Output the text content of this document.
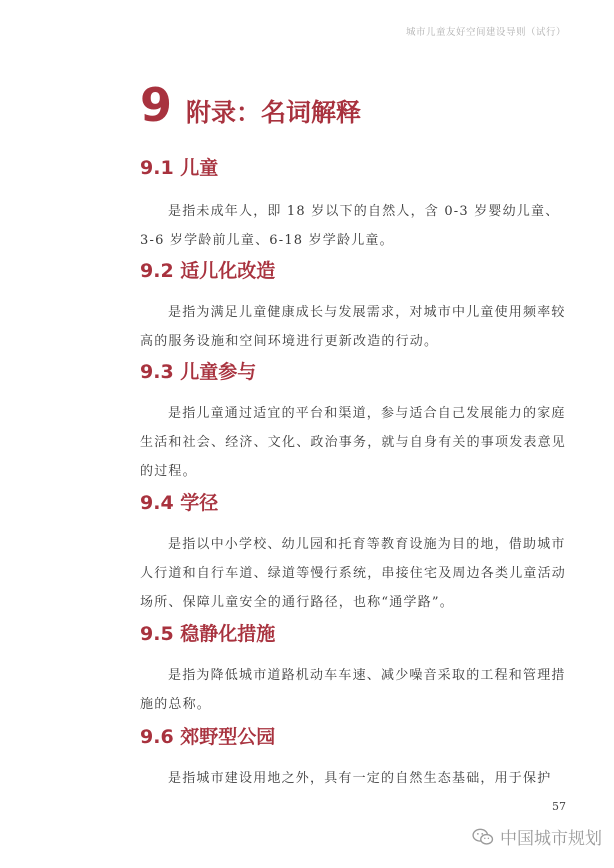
城市儿童友好空间建设导则（试行）
9 附录：名词解释
9.1 儿童

是指未成年人，即 18 岁以下的自然人，含 0-3 岁婴幼儿童、3-6 岁学龄前儿童、6-18 岁学龄儿童。

9.2 适儿化改造

是指为满足儿童健康成长与发展需求，对城市中儿童使用频率较高的服务设施和空间环境进行更新改造的行动。

9.3 儿童参与

是指儿童通过适宜的平台和渠道，参与适合自己发展能力的家庭生活和社会、经济、文化、政治事务，就与自身有关的事项发表意见的过程。

9.4 学径

是指以中小学校、幼儿园和托育等教育设施为目的地，借助城市人行道和自行车道、绿道等慢行系统，串接住宅及周边各类儿童活动场所、保障儿童安全的通行路径，也称“通学路”。

9.5 稳静化措施

是指为降低城市道路机动车车速、减少噪音采取的工程和管理措施的总称。

9.6 郊野型公园

是指城市建设用地之外，具有一定的自然生态基础，用于保护

57
中国城市规划
